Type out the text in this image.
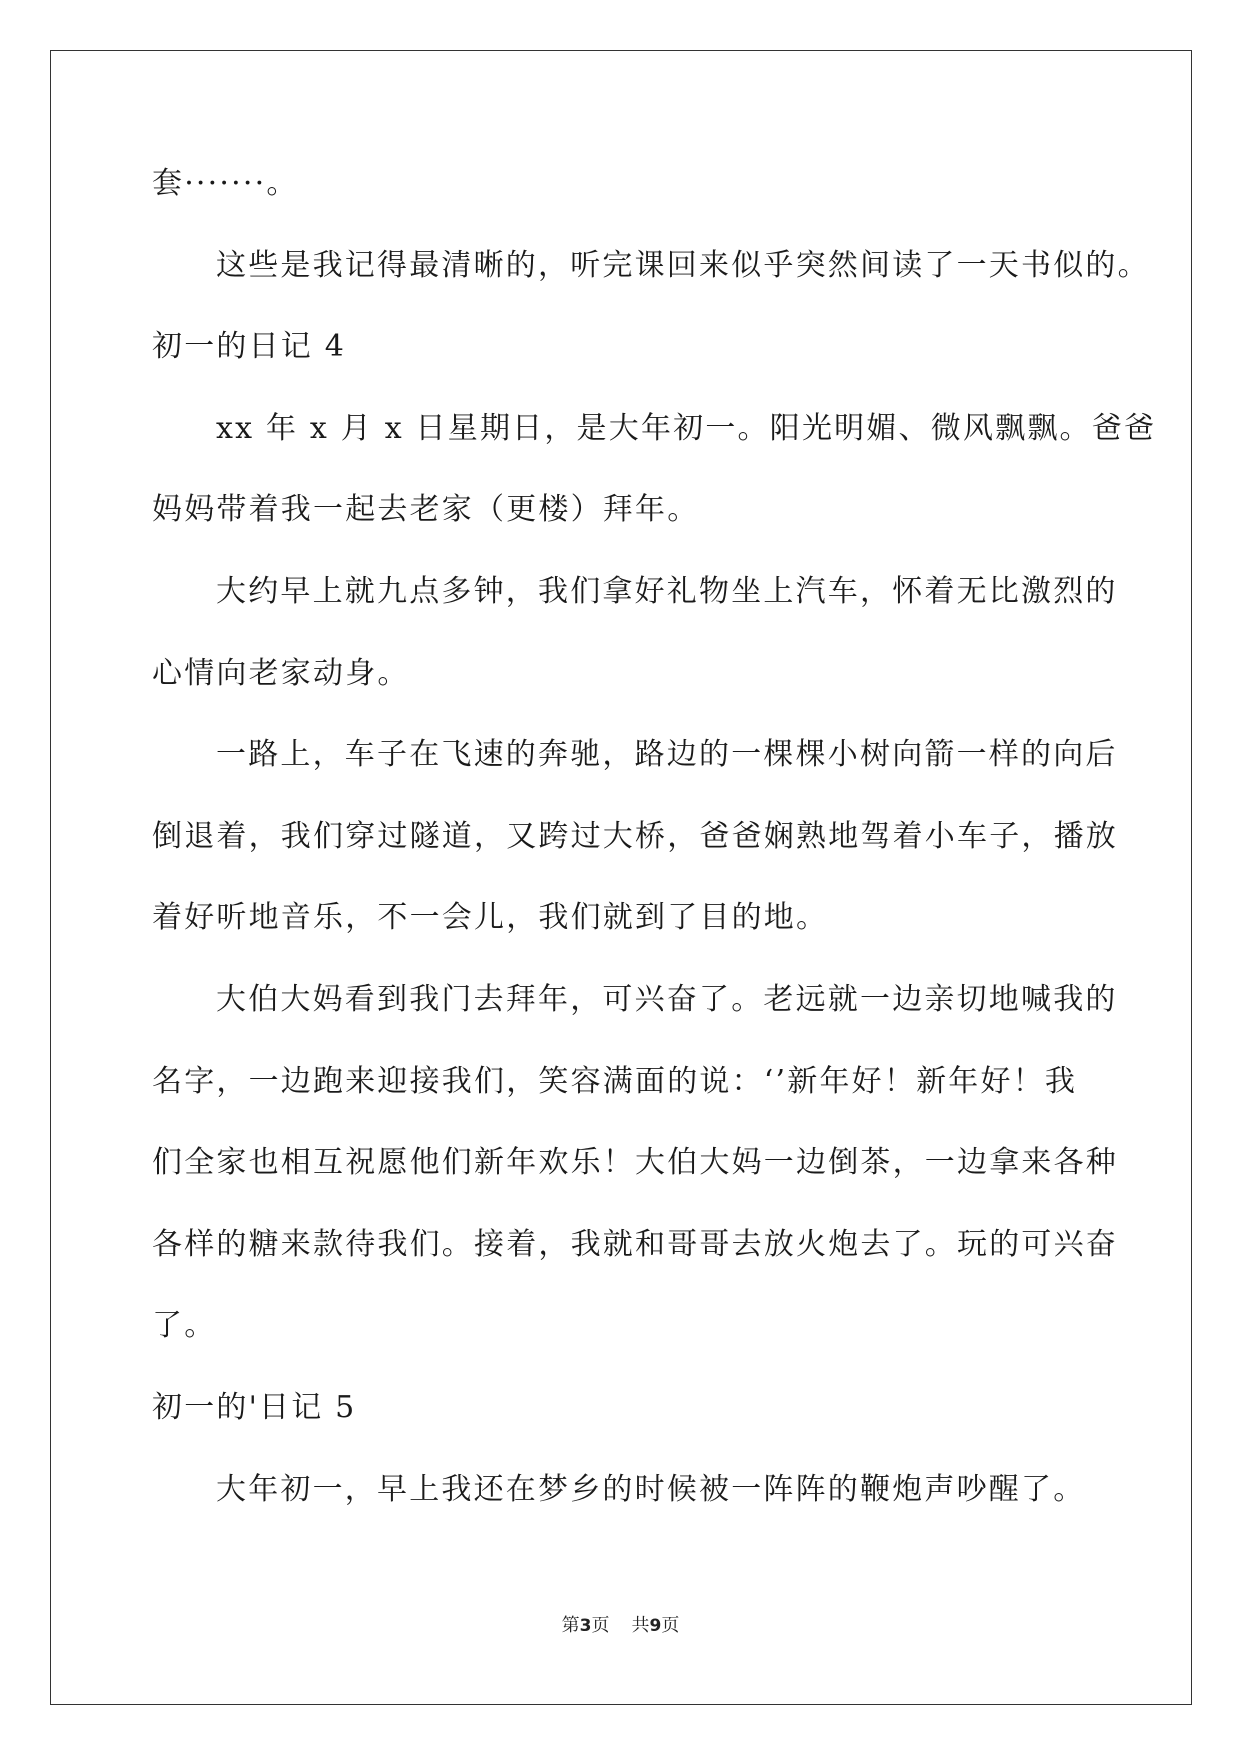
套·······。
这些是我记得最清晰的，听完课回来似乎突然间读了一天书似的。
初一的日记 4
xx 年 x 月 x 日星期日，是大年初一。阳光明媚、微风飘飘。爸爸
妈妈带着我一起去老家（更楼）拜年。
大约早上就九点多钟，我们拿好礼物坐上汽车，怀着无比激烈的
心情向老家动身。
一路上，车子在飞速的奔驰，路边的一棵棵小树向箭一样的向后
倒退着，我们穿过隧道，又跨过大桥，爸爸娴熟地驾着小车子，播放
着好听地音乐，不一会儿，我们就到了目的地。
大伯大妈看到我门去拜年，可兴奋了。老远就一边亲切地喊我的
名字，一边跑来迎接我们，笑容满面的说：‘’新年好！新年好！我
们全家也相互祝愿他们新年欢乐！大伯大妈一边倒茶，一边拿来各种
各样的糖来款待我们。接着，我就和哥哥去放火炮去了。玩的可兴奋
了。
初一的'日记 5
大年初一，早上我还在梦乡的时候被一阵阵的鞭炮声吵醒了。
第3页 共9页
